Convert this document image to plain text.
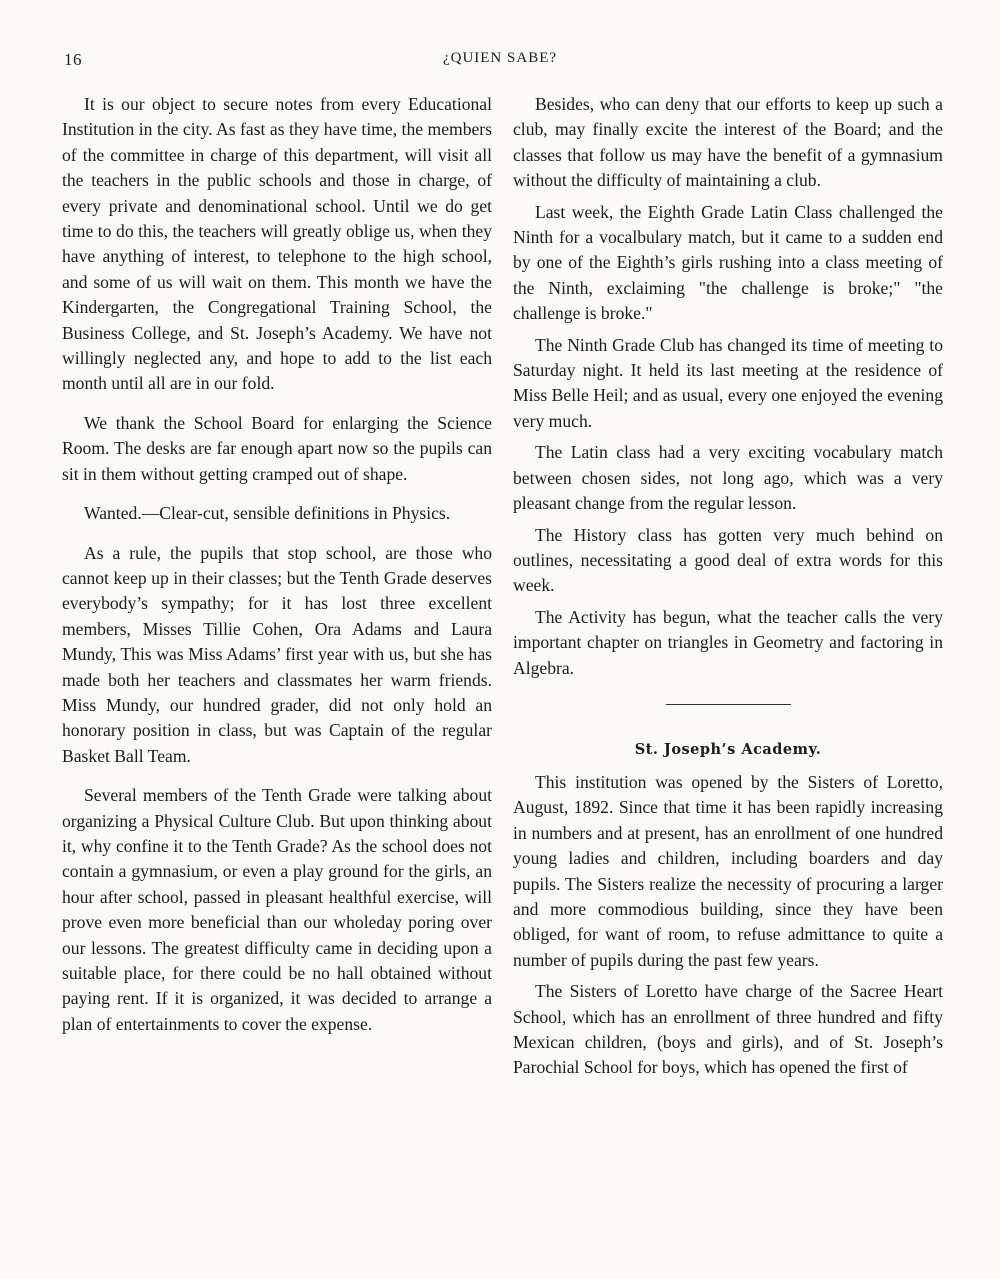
16	¿QUIEN SABE?

It is our object to secure notes from every Educational Institution in the city. As fast as they have time, the members of the committee in charge of this department, will visit all the teachers in the public schools and those in charge, of every private and denominational school. Until we do get time to do this, the teachers will greatly oblige us, when they have anything of interest, to telephone to the high school, and some of us will wait on them. This month we have the Kindergarten, the Congregational Training School, the Business College, and St. Joseph’s Academy. We have not willingly neglected any, and hope to add to the list each month until all are in our fold.

We thank the School Board for enlarging the Science Room. The desks are far enough apart now so the pupils can sit in them without getting cramped out of shape.

Wanted.—Clear-cut, sensible definitions in Physics.

As a rule, the pupils that stop school, are those who cannot keep up in their classes; but the Tenth Grade deserves everybody’s sympathy; for it has lost three excellent members, Misses Tillie Cohen, Ora Adams and Laura Mundy, This was Miss Adams’ first year with us, but she has made both her teachers and classmates her warm friends. Miss Mundy, our hundred grader, did not only hold an honorary position in class, but was Captain of the regular Basket Ball Team.

Several members of the Tenth Grade were talking about organizing a Physical Culture Club. But upon thinking about it, why confine it to the Tenth Grade? As the school does not contain a gymnasium, or even a play ground for the girls, an hour after school, passed in pleasant healthful exercise, will prove even more beneficial than our wholeday poring over our lessons. The greatest difficulty came in deciding upon a suitable place, for there could be no hall obtained without paying rent. If it is organized, it was decided to arrange a plan of entertainments to cover the expense.

Besides, who can deny that our efforts to keep up such a club, may finally excite the interest of the Board; and the classes that follow us may have the benefit of a gymnasium without the difficulty of maintaining a club.

Last week, the Eighth Grade Latin Class challenged the Ninth for a vocalbulary match, but it came to a sudden end by one of the Eighth’s girls rushing into a class meeting of the Ninth, exclaiming "the challenge is broke;" "the challenge is broke."

The Ninth Grade Club has changed its time of meeting to Saturday night. It held its last meeting at the residence of Miss Belle Heil; and as usual, every one enjoyed the evening very much.

The Latin class had a very exciting vocabulary match between chosen sides, not long ago, which was a very pleasant change from the regular lesson.

The History class has gotten very much behind on outlines, necessitating a good deal of extra words for this week.

The Activity has begun, what the teacher calls the very important chapter on triangles in Geometry and factoring in Algebra.

St. Joseph’s Academy.

This institution was opened by the Sisters of Loretto, August, 1892. Since that time it has been rapidly increasing in numbers and at present, has an enrollment of one hundred young ladies and children, including boarders and day pupils. The Sisters realize the necessity of procuring a larger and more commodious building, since they have been obliged, for want of room, to refuse admittance to quite a number of pupils during the past few years.

The Sisters of Loretto have charge of the Sacree Heart School, which has an enrollment of three hundred and fifty Mexican children, (boys and girls), and of St. Joseph’s Parochial School for boys, which has opened the first of
